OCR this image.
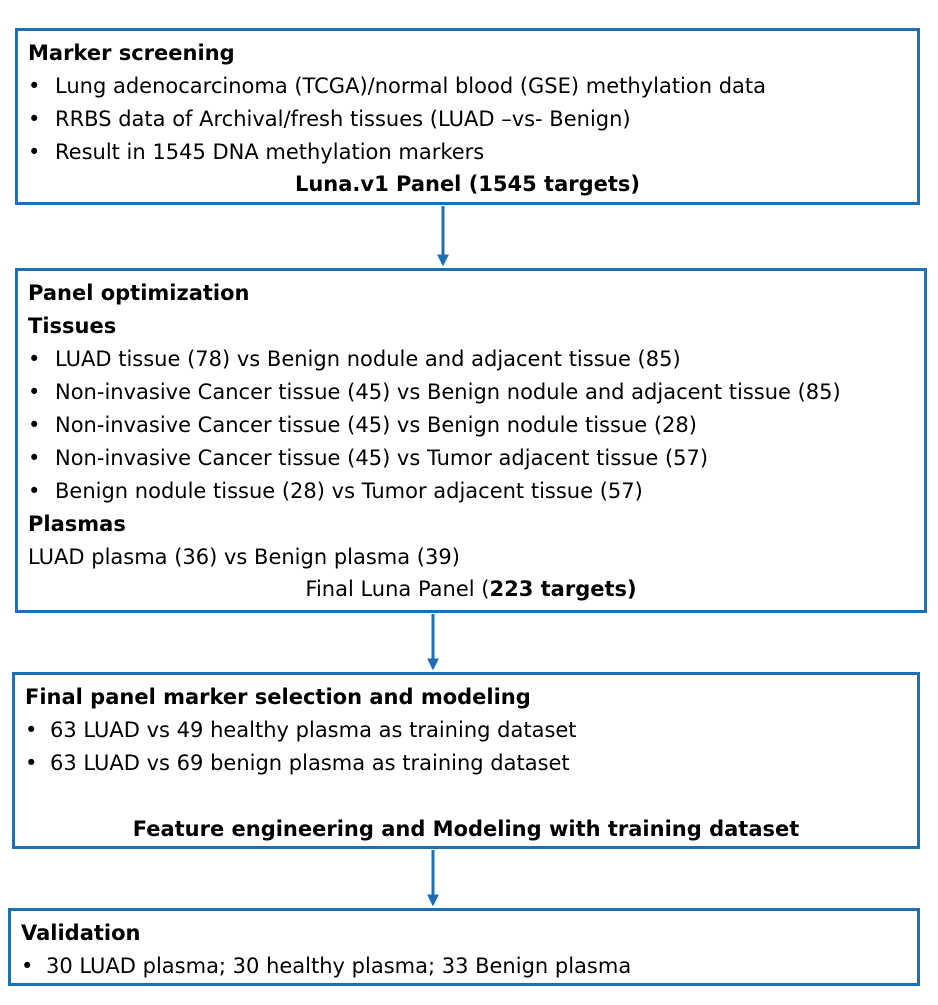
Marker screening
• Lung adenocarcinoma (TCGA)/normal blood (GSE) methylation data
• RRBS data of Archival/fresh tissues (LUAD –vs- Benign)
• Result in 1545 DNA methylation markers
Luna.v1 Panel (1545 targets)
Panel optimization
Tissues
• LUAD tissue (78) vs Benign nodule and adjacent tissue (85)
• Non-invasive Cancer tissue (45) vs Benign nodule and adjacent tissue (85)
• Non-invasive Cancer tissue (45) vs Benign nodule tissue (28)
• Non-invasive Cancer tissue (45) vs Tumor adjacent tissue (57)
• Benign nodule tissue (28) vs Tumor adjacent tissue (57)
Plasmas
LUAD plasma (36) vs Benign plasma (39)
Final Luna Panel (223 targets)
Final panel marker selection and modeling
• 63 LUAD vs 49 healthy plasma as training dataset
• 63 LUAD vs 69 benign plasma as training dataset
Feature engineering and Modeling with training dataset
Validation
• 30 LUAD plasma; 30 healthy plasma; 33 Benign plasma
